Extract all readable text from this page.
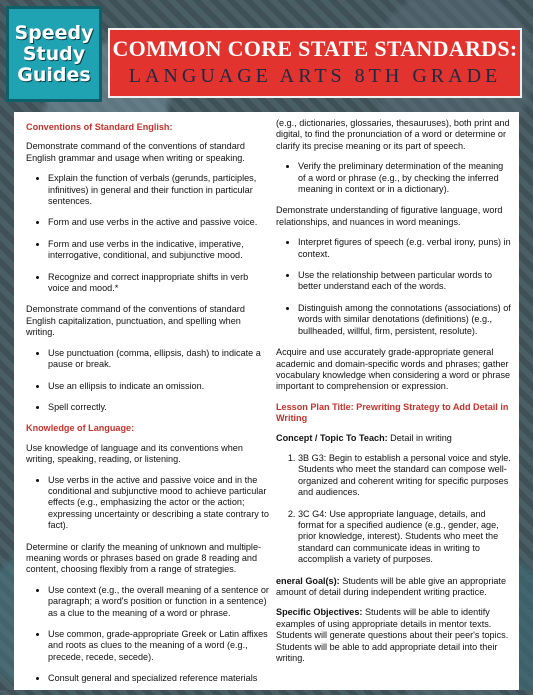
Speedy
Study
Guides
COMMON CORE STATE STANDARDS:
LANGUAGE ARTS 8TH GRADE
Conventions of Standard English:

Demonstrate command of the conventions of standard English grammar and usage when writing or speaking.

• Explain the function of verbals (gerunds, participles, infinitives) in general and their function in particular sentences.
• Form and use verbs in the active and passive voice.
• Form and use verbs in the indicative, imperative, interrogative, conditional, and subjunctive mood.
• Recognize and correct inappropriate shifts in verb voice and mood.*

Demonstrate command of the conventions of standard English capitalization, punctuation, and spelling when writing.

• Use punctuation (comma, ellipsis, dash) to indicate a pause or break.
• Use an ellipsis to indicate an omission.
• Spell correctly.
Knowledge of Language:

Use knowledge of language and its conventions when writing, speaking, reading, or listening.

• Use verbs in the active and passive voice and in the conditional and subjunctive mood to achieve particular effects (e.g., emphasizing the actor or the action; expressing uncertainty or describing a state contrary to fact).

Determine or clarify the meaning of unknown and multiple-meaning words or phrases based on grade 8 reading and content, choosing flexibly from a range of strategies.

• Use context (e.g., the overall meaning of a sentence or paragraph; a word's position or function in a sentence) as a clue to the meaning of a word or phrase.
• Use common, grade-appropriate Greek or Latin affixes and roots as clues to the meaning of a word (e.g., precede, recede, secede).
• Consult general and specialized reference materials

(e.g., dictionaries, glossaries, thesauruses), both print and digital, to find the pronunciation of a word or determine or clarify its precise meaning or its part of speech.

• Verify the preliminary determination of the meaning of a word or phrase (e.g., by checking the inferred meaning in context or in a dictionary).

Demonstrate understanding of figurative language, word relationships, and nuances in word meanings.

• Interpret figures of speech (e.g. verbal irony, puns) in context.
• Use the relationship between particular words to better understand each of the words.
• Distinguish among the connotations (associations) of words with similar denotations (definitions) (e.g., bullheaded, willful, firm, persistent, resolute).

Acquire and use accurately grade-appropriate general academic and domain-specific words and phrases; gather vocabulary knowledge when considering a word or phrase important to comprehension or expression.

Lesson Plan Title: Prewriting Strategy to Add Detail in Writing

Concept / Topic To Teach: Detail in writing

1. 3B G3: Begin to establish a personal voice and style. Students who meet the standard can compose well-organized and coherent writing for specific purposes and audiences.
2. 3C G4: Use appropriate language, details, and format for a specified audience (e.g., gender, age, prior knowledge, interest). Students who meet the standard can communicate ideas in writing to accomplish a variety of purposes.

eneral Goal(s): Students will be able give an appropriate amount of detail during independent writing practice.

Specific Objectives: Students will be able to identify examples of using appropriate details in mentor texts. Students will generate questions about their peer's topics. Students will be able to add appropriate detail into their writing.
